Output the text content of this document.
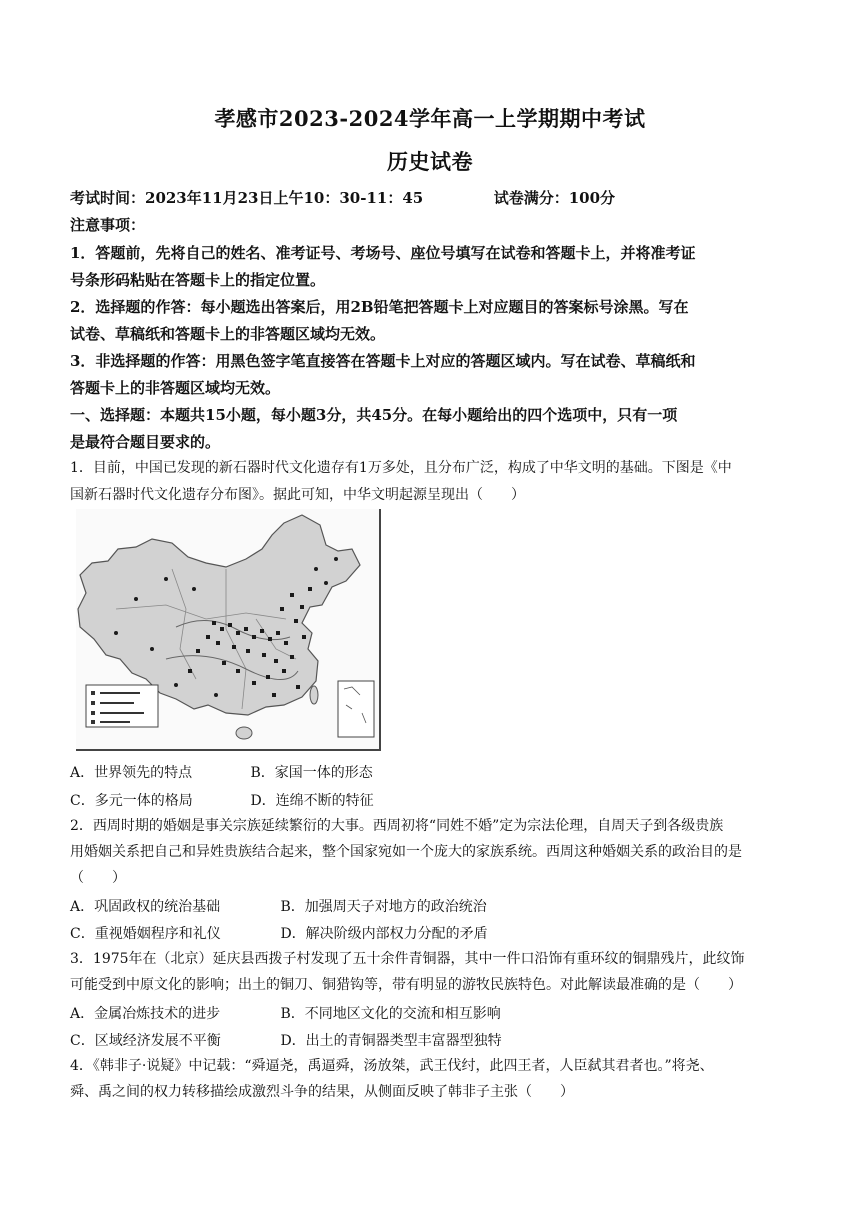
孝感市2023-2024学年高一上学期期中考试
历史试卷
考试时间：2023年11月23日上午10：30-11：45	试卷满分：100分
注意事项：
1．答题前，先将自己的姓名、准考证号、考场号、座位号填写在试卷和答题卡上，并将准考证
号条形码粘贴在答题卡上的指定位置。
2．选择题的作答：每小题选出答案后，用2B铅笔把答题卡上对应题目的答案标号涂黑。写在
试卷、草稿纸和答题卡上的非答题区域均无效。
3．非选择题的作答：用黑色签字笔直接答在答题卡上对应的答题区域内。写在试卷、草稿纸和
答题卡上的非答题区域均无效。
一、选择题：本题共15小题，每小题3分，共45分。在每小题给出的四个选项中，只有一项
是最符合题目要求的。
1．目前，中国已发现的新石器时代文化遗存有1万多处，且分布广泛，构成了中华文明的基础。下图是《中
国新石器时代文化遗存分布图》。据此可知，中华文明起源呈现出（　　）
A．世界领先的特点	B．家国一体的形态
C．多元一体的格局	D．连绵不断的特征
2．西周时期的婚姻是事关宗族延续繁衍的大事。西周初将“同姓不婚”定为宗法伦理，自周天子到各级贵族
用婚姻关系把自己和异姓贵族结合起来，整个国家宛如一个庞大的家族系统。西周这种婚姻关系的政治目的是
（　　）
A．巩固政权的统治基础	B．加强周天子对地方的政治统治
C．重视婚姻程序和礼仪	D．解决阶级内部权力分配的矛盾
3．1975年在（北京）延庆县西拨子村发现了五十余件青铜器，其中一件口沿饰有重环纹的铜鼎残片，此纹饰
可能受到中原文化的影响；出土的铜刀、铜猎钩等，带有明显的游牧民族特色。对此解读最准确的是（　　）
A．金属冶炼技术的进步	B．不同地区文化的交流和相互影响
C．区域经济发展不平衡	D．出土的青铜器类型丰富器型独特
4．《韩非子·说疑》中记载：“舜逼尧，禹逼舜，汤放桀，武王伐纣，此四王者，人臣弑其君者也。”将尧、
舜、禹之间的权力转移描绘成激烈斗争的结果，从侧面反映了韩非子主张（　　）
